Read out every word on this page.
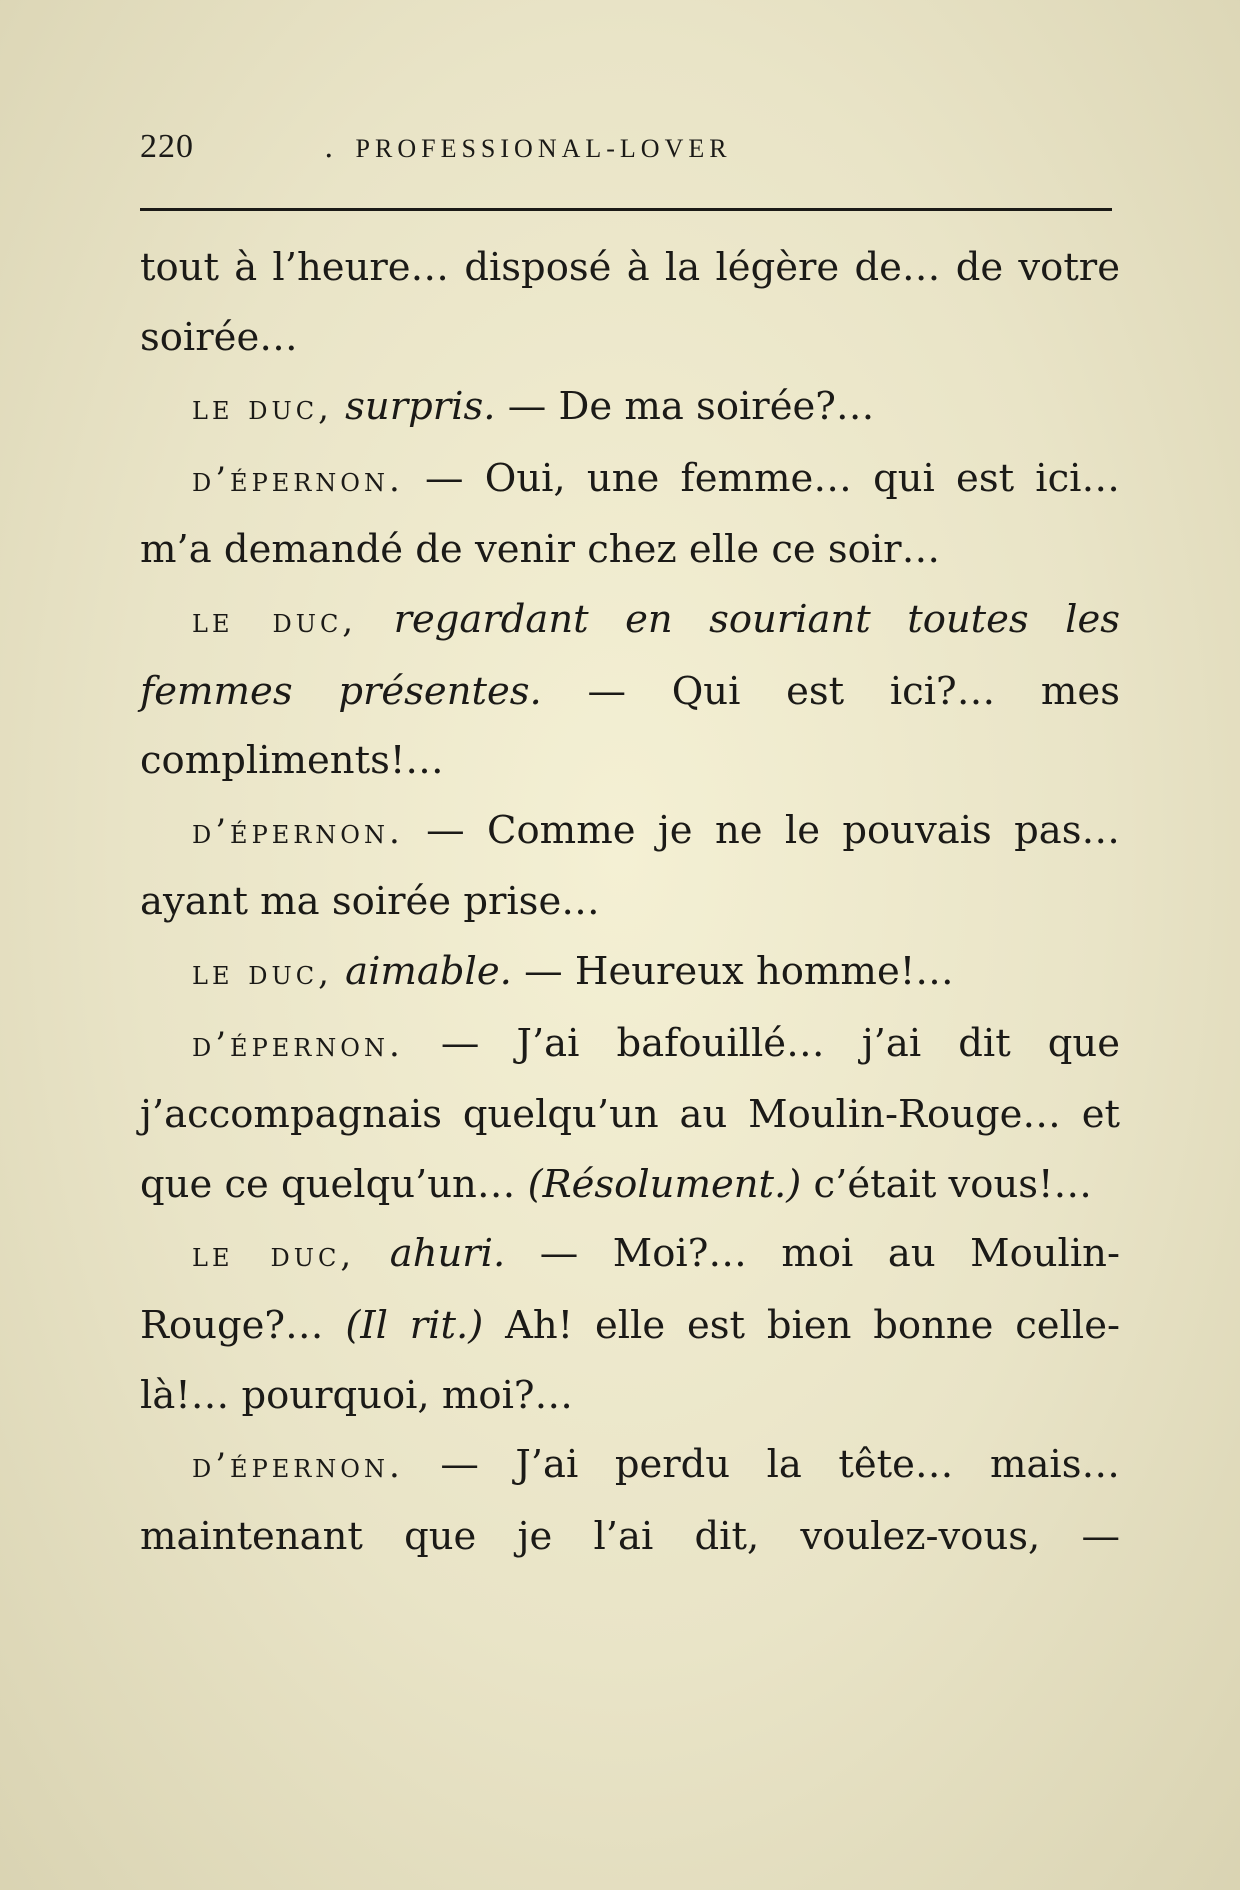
220	. PROFESSIONAL-LOVER

tout à l’heure… disposé à la légère de… de votre soirée…

le duc, surpris. — De ma soirée?…

d’épernon. — Oui, une femme… qui est ici… m’a demandé de venir chez elle ce soir…

le duc, regardant en souriant toutes les femmes présentes. — Qui est ici?… mes compliments!…

d’épernon. — Comme je ne le pouvais pas… ayant ma soirée prise…

le duc, aimable. — Heureux homme!…

d’épernon. — J’ai bafouillé… j’ai dit que j’accompagnais quelqu’un au Moulin-Rouge… et que ce quelqu’un… (Résolument.) c’était vous!…

le duc, ahuri. — Moi?… moi au Moulin-Rouge?… (Il rit.) Ah! elle est bien bonne celle-là!… pourquoi, moi?…

d’épernon. — J’ai perdu la tête… mais… maintenant que je l’ai dit, voulez-vous, —
